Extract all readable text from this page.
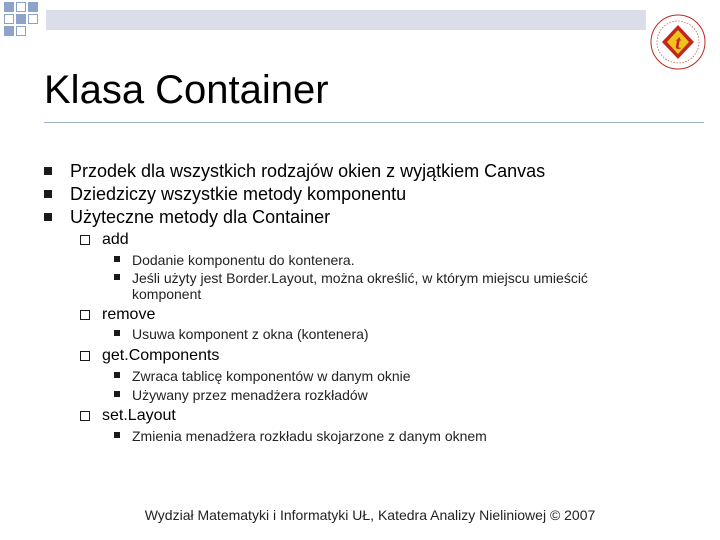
t
Klasa Container
Przodek dla wszystkich rodzajów okien z wyjątkiem Canvas
Dziedziczy wszystkie metody komponentu
Użyteczne metody dla Container
add
Dodanie komponentu do kontenera.
Jeśli użyty jest Border.Layout, można określić, w którym miejscu umieścić komponent
remove
Usuwa komponent z okna (kontenera)
get.Components
Zwraca tablicę komponentów w danym oknie
Używany przez menadżera rozkładów
set.Layout
Zmienia menadżera rozkładu skojarzone z danym oknem
Wydział Matematyki i Informatyki UŁ, Katedra Analizy Nieliniowej © 2007
